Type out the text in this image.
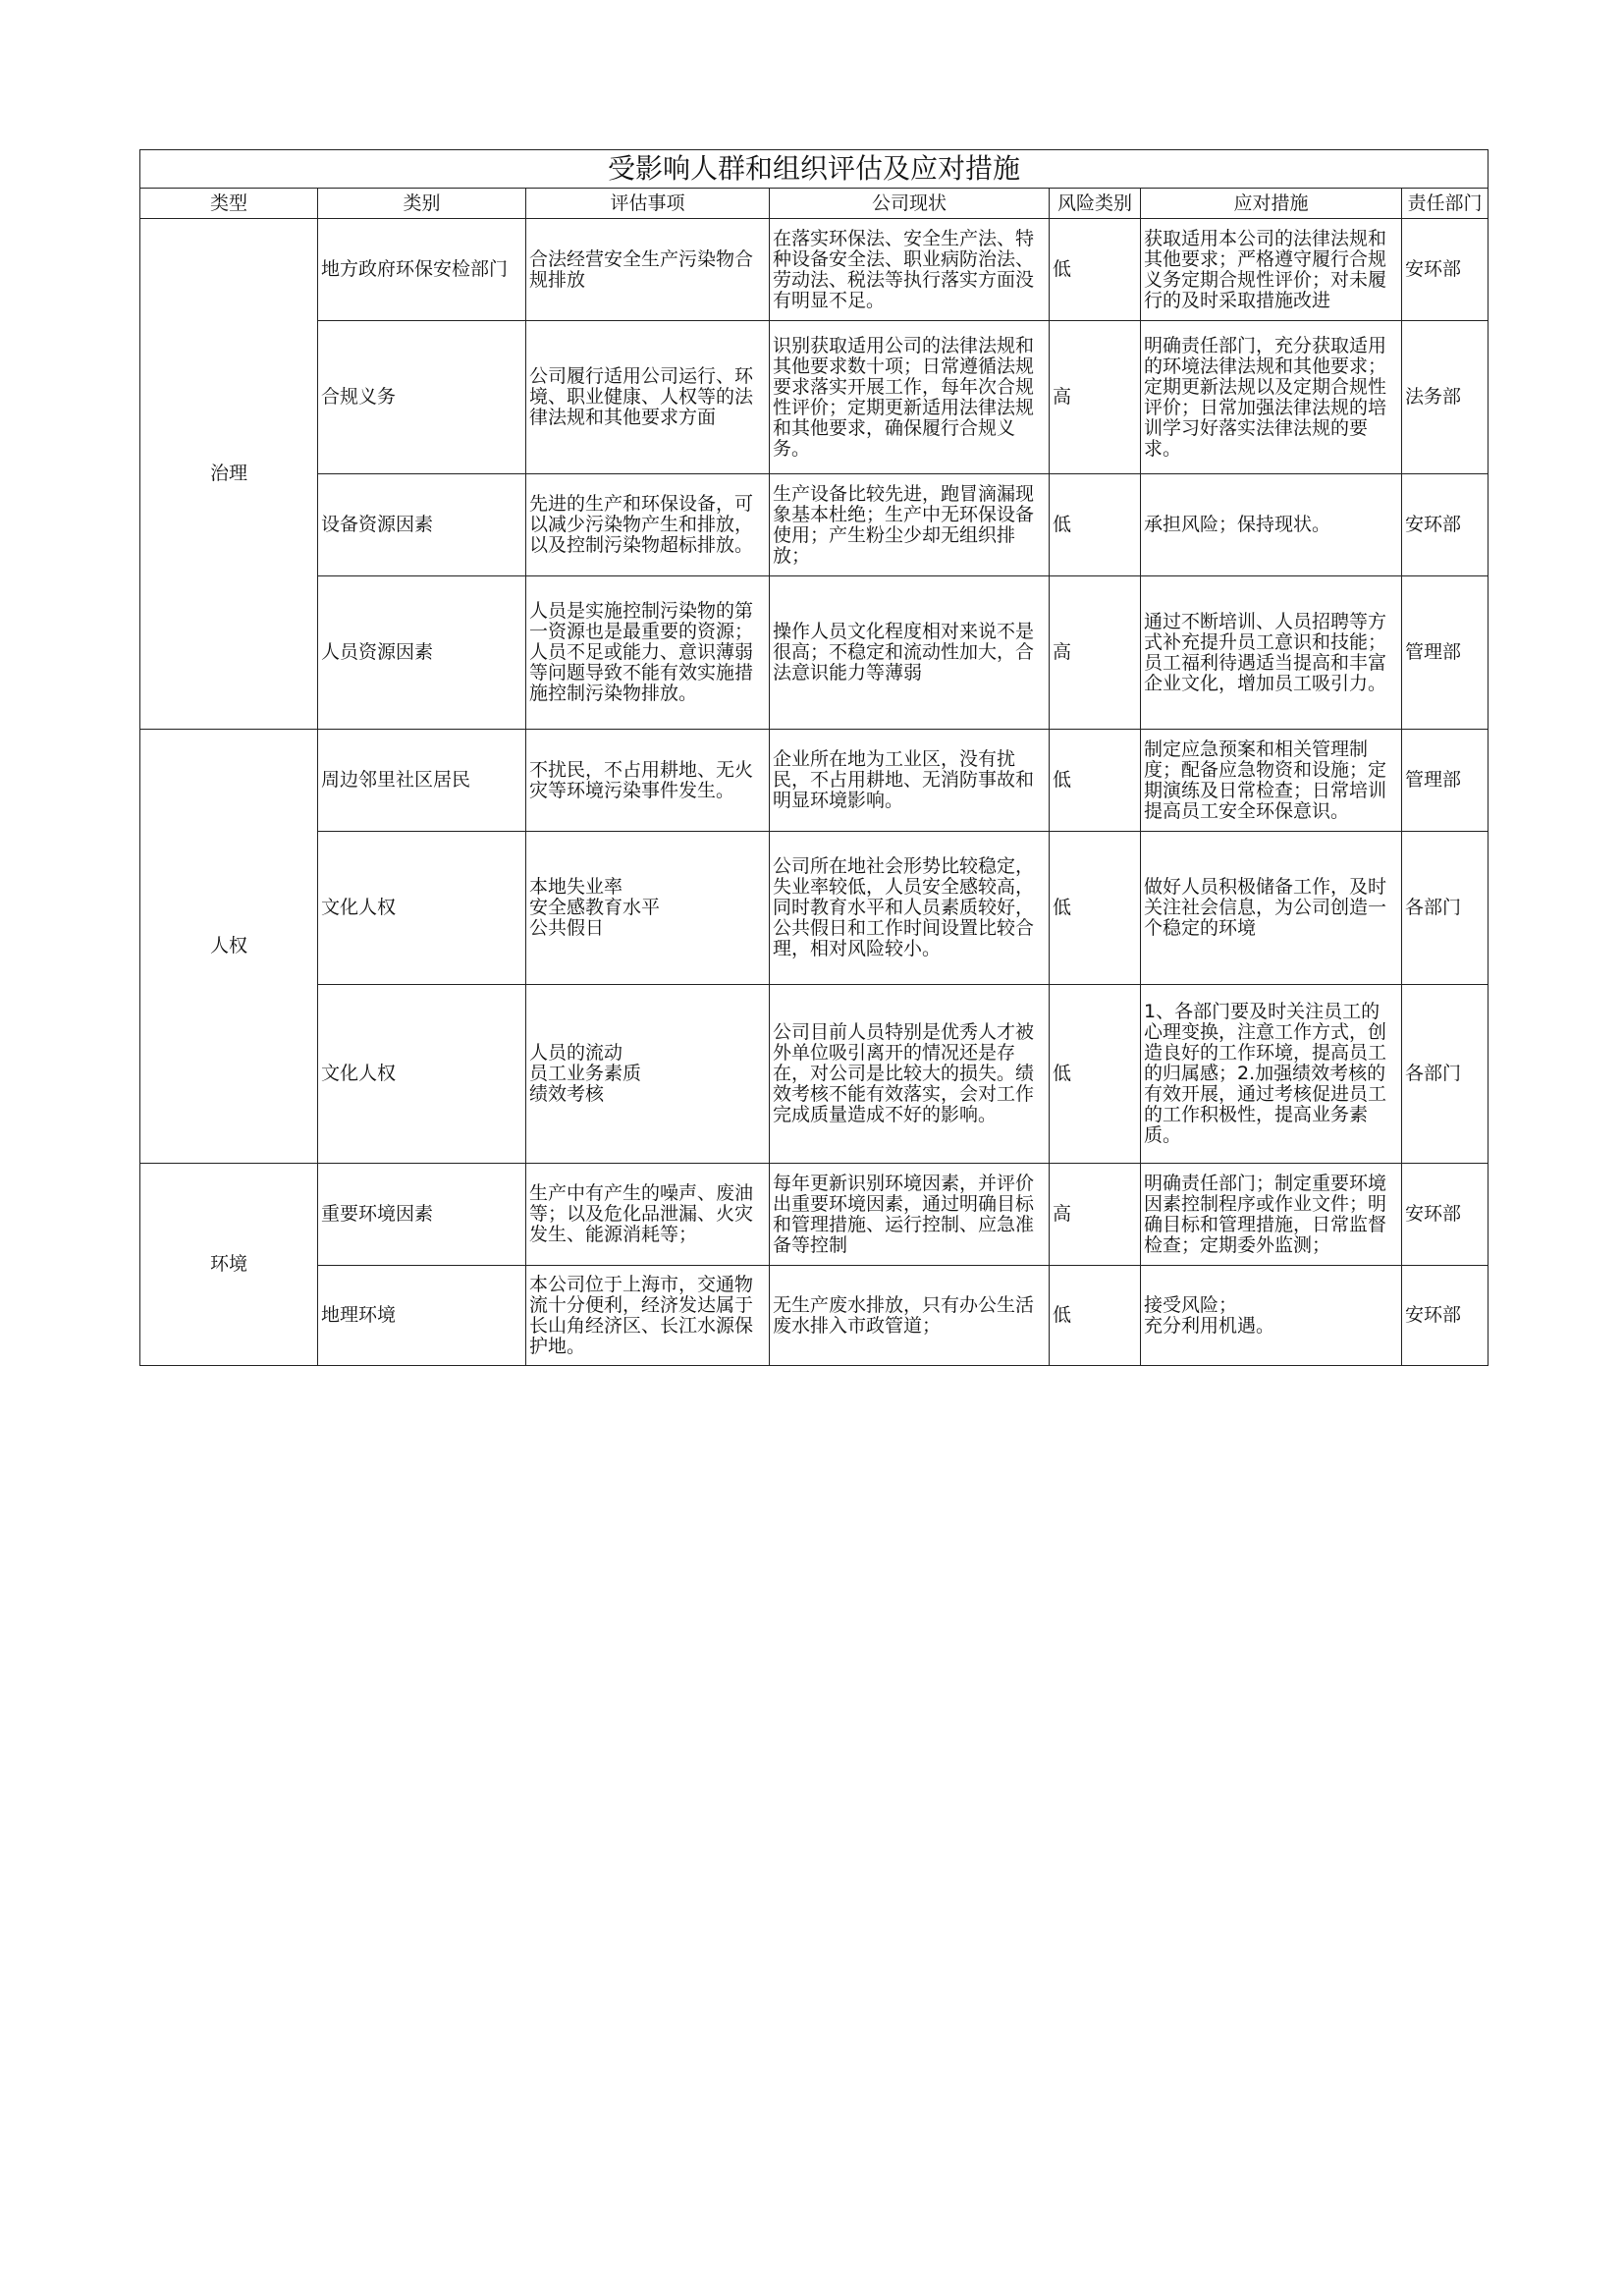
受影响人群和组织评估及应对措施						
类型	类别	评估事项	公司现状	风险类别	应对措施	责任部门
治理	地方政府环保安检部门	合法经营安全生产污染物合规排放	在落实环保法、安全生产法、特种设备安全法、职业病防治法、劳动法、税法等执行落实方面没有明显不足。	低	获取适用本公司的法律法规和其他要求；严格遵守履行合规义务定期合规性评价；对未履行的及时采取措施改进	安环部

	合规义务	公司履行适用公司运行、环境、职业健康、人权等的法律法规和其他要求方面	识别获取适用公司的法律法规和其他要求数十项；日常遵循法规要求落实开展工作，每年次合规性评价；定期更新适用法律法规和其他要求，确保履行合规义务。	高	明确责任部门，充分获取适用的环境法律法规和其他要求；定期更新法规以及定期合规性评价；日常加强法律法规的培训学习好落实法律法规的要求。	法务部

	设备资源因素	先进的生产和环保设备，可以减少污染物产生和排放，以及控制污染物超标排放。	生产设备比较先进，跑冒滴漏现象基本杜绝；生产中无环保设备使用；产生粉尘少却无组织排放；	低	承担风险；保持现状。	安环部

	人员资源因素	人员是实施控制污染物的第一资源也是最重要的资源；人员不足或能力、意识薄弱等问题导致不能有效实施措施控制污染物排放。	操作人员文化程度相对来说不是很高；不稳定和流动性加大，合法意识能力等薄弱	高	通过不断培训、人员招聘等方式补充提升员工意识和技能；员工福利待遇适当提高和丰富企业文化，增加员工吸引力。	管理部

人权	周边邻里社区居民	不扰民，不占用耕地、无火灾等环境污染事件发生。	企业所在地为工业区，没有扰民，不占用耕地、无消防事故和明显环境影响。	低	制定应急预案和相关管理制度；配备应急物资和设施；定期演练及日常检查；日常培训提高员工安全环保意识。	管理部

	文化人权	本地失业率
安全感教育水平
公共假日	公司所在地社会形势比较稳定，失业率较低，人员安全感较高，同时教育水平和人员素质较好，公共假日和工作时间设置比较合理，相对风险较小。	低	做好人员积极储备工作，及时关注社会信息，为公司创造一个稳定的环境	各部门

	文化人权	人员的流动
员工业务素质
绩效考核	公司目前人员特别是优秀人才被外单位吸引离开的情况还是存在，对公司是比较大的损失。绩效考核不能有效落实，会对工作完成质量造成不好的影响。	低	1、各部门要及时关注员工的心理变换，注意工作方式，创造良好的工作环境，提高员工的归属感；2.加强绩效考核的有效开展，通过考核促进员工的工作积极性，提高业务素质。	各部门

环境	重要环境因素	生产中有产生的噪声、废油等；以及危化品泄漏、火灾发生、能源消耗等；	每年更新识别环境因素，并评价出重要环境因素，通过明确目标和管理措施、运行控制、应急准备等控制	高	明确责任部门；制定重要环境因素控制程序或作业文件；明确目标和管理措施，日常监督检查；定期委外监测；	安环部

	地理环境	本公司位于上海市，交通物流十分便利，经济发达属于长山角经济区、长江水源保护地。	无生产废水排放，只有办公生活废水排入市政管道；	低	接受风险；
充分利用机遇。	安环部
